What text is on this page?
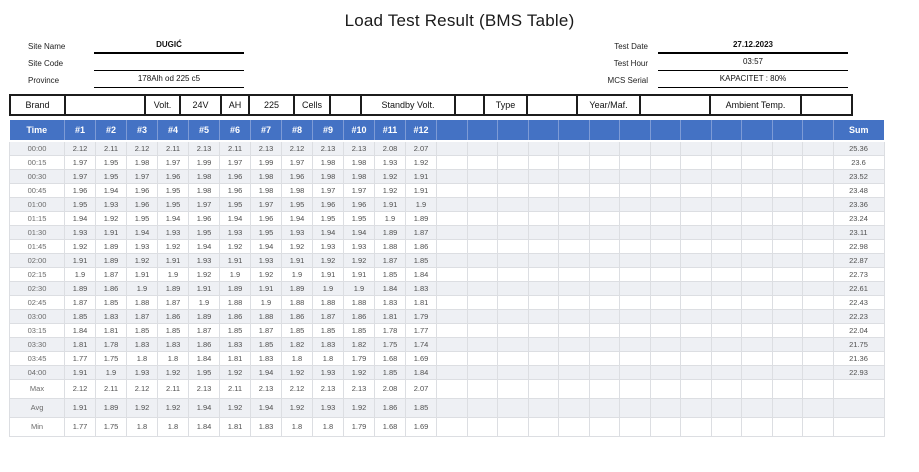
Load Test Result (BMS Table)
Site Name	DUGIĆ
Site Code
Province	178Alh od 225 c5
Test Date	27.12.2023
Test Hour	03:57
MCS Serial	KAPACITET : 80%
Brand	Volt.	24V	AH	225	Cells	Standby Volt.	Type	Year/Maf.	Ambient Temp.
Time	#1	#2	#3	#4	#5	#6	#7	#8	#9	#10	#11	#12														Sum
00:00	2.12	2.11	2.12	2.11	2.13	2.11	2.13	2.12	2.13	2.13	2.08	2.07														25.36
00:15	1.97	1.95	1.98	1.97	1.99	1.97	1.99	1.97	1.98	1.98	1.93	1.92														23.6
00:30	1.97	1.95	1.97	1.96	1.98	1.96	1.98	1.96	1.98	1.98	1.92	1.91														23.52
00:45	1.96	1.94	1.96	1.95	1.98	1.96	1.98	1.98	1.97	1.97	1.92	1.91														23.48
01:00	1.95	1.93	1.96	1.95	1.97	1.95	1.97	1.95	1.96	1.96	1.91	1.9														23.36
01:15	1.94	1.92	1.95	1.94	1.96	1.94	1.96	1.94	1.95	1.95	1.9	1.89														23.24
01:30	1.93	1.91	1.94	1.93	1.95	1.93	1.95	1.93	1.94	1.94	1.89	1.87														23.11
01:45	1.92	1.89	1.93	1.92	1.94	1.92	1.94	1.92	1.93	1.93	1.88	1.86														22.98
02:00	1.91	1.89	1.92	1.91	1.93	1.91	1.93	1.91	1.92	1.92	1.87	1.85														22.87
02:15	1.9	1.87	1.91	1.9	1.92	1.9	1.92	1.9	1.91	1.91	1.85	1.84														22.73
02:30	1.89	1.86	1.9	1.89	1.91	1.89	1.91	1.89	1.9	1.9	1.84	1.83														22.61
02:45	1.87	1.85	1.88	1.87	1.9	1.88	1.9	1.88	1.88	1.88	1.83	1.81														22.43
03:00	1.85	1.83	1.87	1.86	1.89	1.86	1.88	1.86	1.87	1.86	1.81	1.79														22.23
03:15	1.84	1.81	1.85	1.85	1.87	1.85	1.87	1.85	1.85	1.85	1.78	1.77														22.04
03:30	1.81	1.78	1.83	1.83	1.86	1.83	1.85	1.82	1.83	1.82	1.75	1.74														21.75
03:45	1.77	1.75	1.8	1.8	1.84	1.81	1.83	1.8	1.8	1.79	1.68	1.69														21.36
04:00	1.91	1.9	1.93	1.92	1.95	1.92	1.94	1.92	1.93	1.92	1.85	1.84														22.93
Max	2.12	2.11	2.12	2.11	2.13	2.11	2.13	2.12	2.13	2.13	2.08	2.07														
Avg	1.91	1.89	1.92	1.92	1.94	1.92	1.94	1.92	1.93	1.92	1.86	1.85														
Min	1.77	1.75	1.8	1.8	1.84	1.81	1.83	1.8	1.8	1.79	1.68	1.69														
